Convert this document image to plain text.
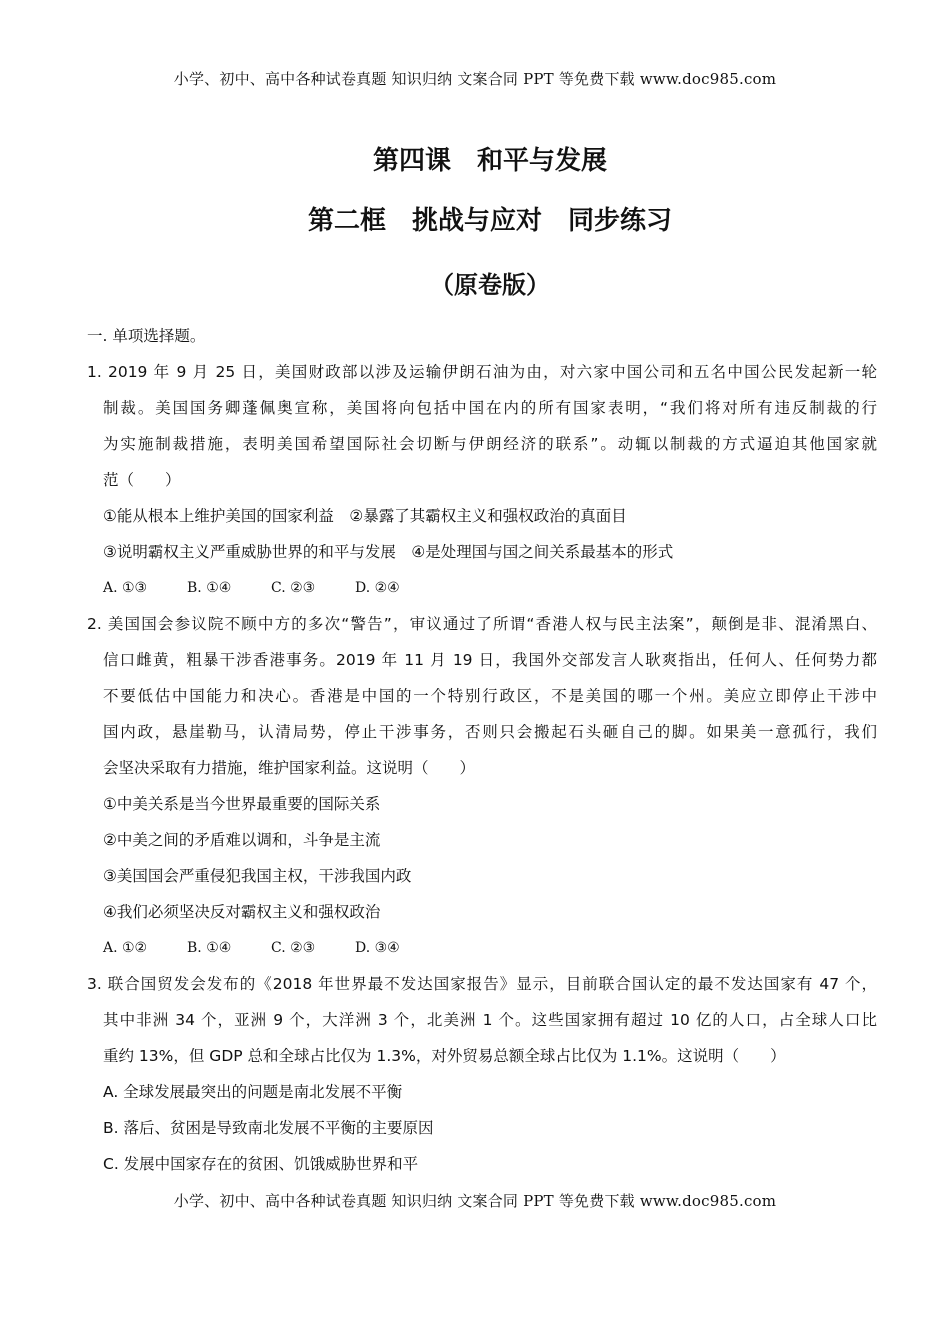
小学、初中、高中各种试卷真题 知识归纳 文案合同 PPT 等免费下载 www.doc985.com
第四课　和平与发展
第二框　挑战与应对　同步练习
（原卷版）
一. 单项选择题。
1. 2019 年 9 月 25 日，美国财政部以涉及运输伊朗石油为由，对六家中国公司和五名中国公民发起新一轮
制裁。美国国务卿蓬佩奥宣称，美国将向包括中国在内的所有国家表明，“我们将对所有违反制裁的行
为实施制裁措施，表明美国希望国际社会切断与伊朗经济的联系”。动辄以制裁的方式逼迫其他国家就
范（　　）
①能从根本上维护美国的国家利益　②暴露了其霸权主义和强权政治的真面目
③说明霸权主义严重威胁世界的和平与发展　④是处理国与国之间关系最基本的形式
A. ①③	B. ①④	C. ②③	D. ②④
2. 美国国会参议院不顾中方的多次“警告”，审议通过了所谓“香港人权与民主法案”，颠倒是非、混淆黑白、
信口雌黄，粗暴干涉香港事务。2019 年 11 月 19 日，我国外交部发言人耿爽指出，任何人、任何势力都
不要低估中国能力和决心。香港是中国的一个特别行政区，不是美国的哪一个州。美应立即停止干涉中
国内政，悬崖勒马，认清局势，停止干涉事务，否则只会搬起石头砸自己的脚。如果美一意孤行，我们
会坚决采取有力措施，维护国家利益。这说明（　　）
①中美关系是当今世界最重要的国际关系
②中美之间的矛盾难以调和，斗争是主流
③美国国会严重侵犯我国主权，干涉我国内政
④我们必须坚决反对霸权主义和强权政治
A. ①②	B. ①④	C. ②③	D. ③④
3. 联合国贸发会发布的《2018 年世界最不发达国家报告》显示，目前联合国认定的最不发达国家有 47 个，
其中非洲 34 个，亚洲 9 个，大洋洲 3 个，北美洲 1 个。这些国家拥有超过 10 亿的人口，占全球人口比
重约 13%，但 GDP 总和全球占比仅为 1.3%，对外贸易总额全球占比仅为 1.1%。这说明（　　）
A. 全球发展最突出的问题是南北发展不平衡
B. 落后、贫困是导致南北发展不平衡的主要原因
C. 发展中国家存在的贫困、饥饿威胁世界和平
小学、初中、高中各种试卷真题 知识归纳 文案合同 PPT 等免费下载 www.doc985.com
